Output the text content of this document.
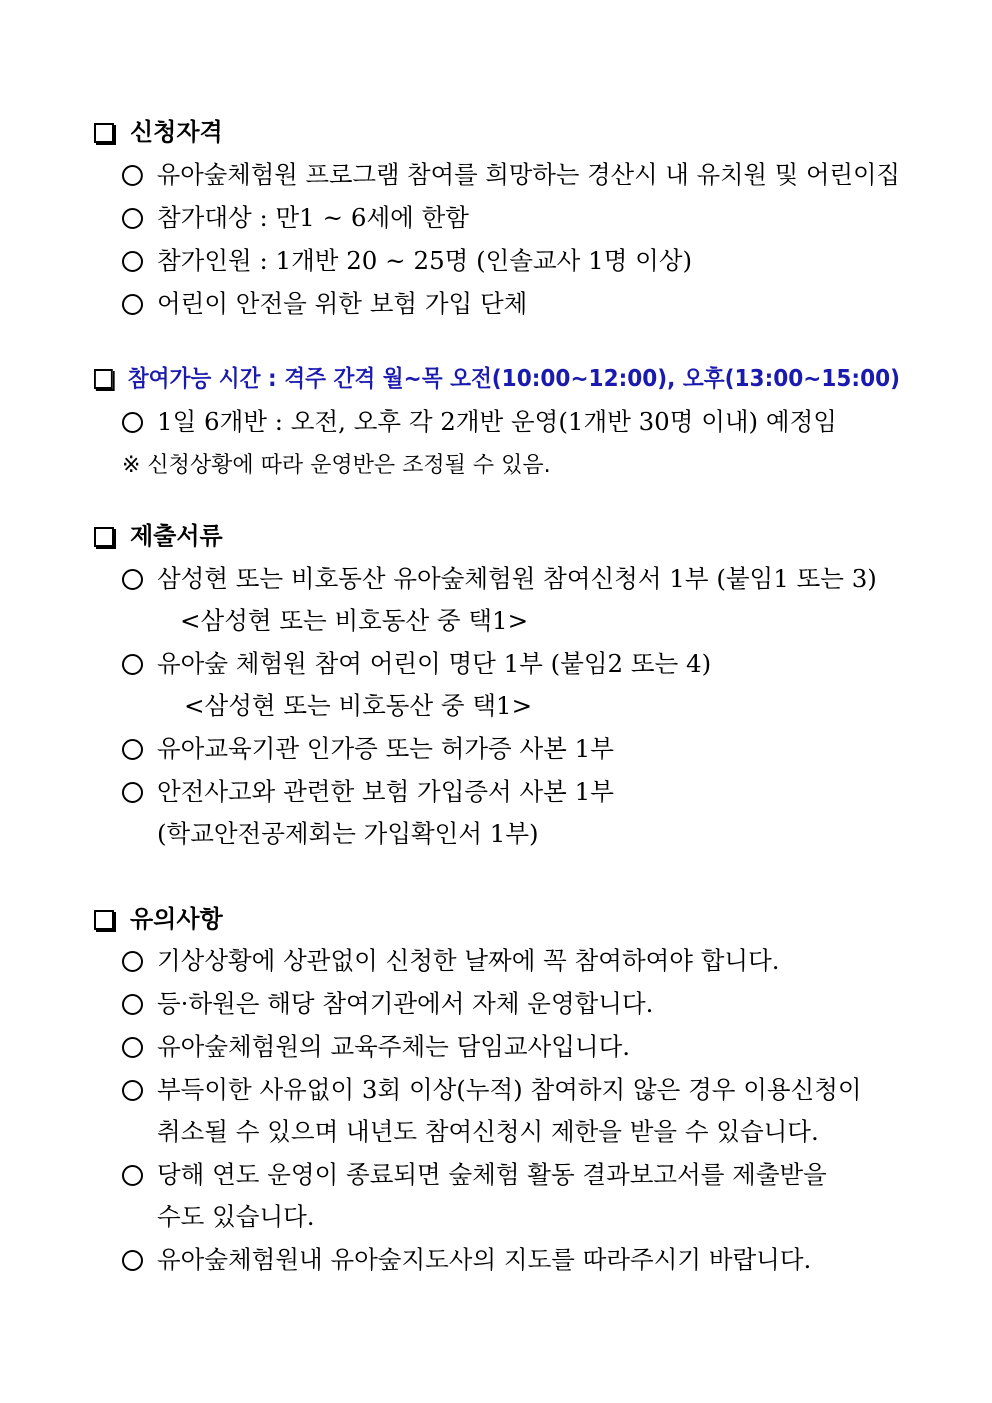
신청자격
유아숲체험원 프로그램 참여를 희망하는 경산시 내 유치원 및 어린이집
참가대상 : 만1 ~ 6세에 한함
참가인원 : 1개반 20 ~ 25명 (인솔교사 1명 이상)
어린이 안전을 위한 보험 가입 단체
참여가능 시간 : 격주 간격 월~목 오전(10:00~12:00), 오후(13:00~15:00)
1일 6개반 : 오전, 오후 각 2개반 운영(1개반 30명 이내) 예정임
※ 신청상황에 따라 운영반은 조정될 수 있음.
제출서류
삼성현 또는 비호동산 유아숲체험원 참여신청서 1부 (붙임1 또는 3)
<삼성현 또는 비호동산 중 택1>
유아숲 체험원 참여 어린이 명단 1부 (붙임2 또는 4)
<삼성현 또는 비호동산 중 택1>
유아교육기관 인가증 또는 허가증 사본 1부
안전사고와 관련한 보험 가입증서 사본 1부
(학교안전공제회는 가입확인서 1부)
유의사항
기상상황에 상관없이 신청한 날짜에 꼭 참여하여야 합니다.
등·하원은 해당 참여기관에서 자체 운영합니다.
유아숲체험원의 교육주체는 담임교사입니다.
부득이한 사유없이 3회 이상(누적) 참여하지 않은 경우 이용신청이
취소될 수 있으며 내년도 참여신청시 제한을 받을 수 있습니다.
당해 연도 운영이 종료되면 숲체험 활동 결과보고서를 제출받을
수도 있습니다.
유아숲체험원내 유아숲지도사의 지도를 따라주시기 바랍니다.
